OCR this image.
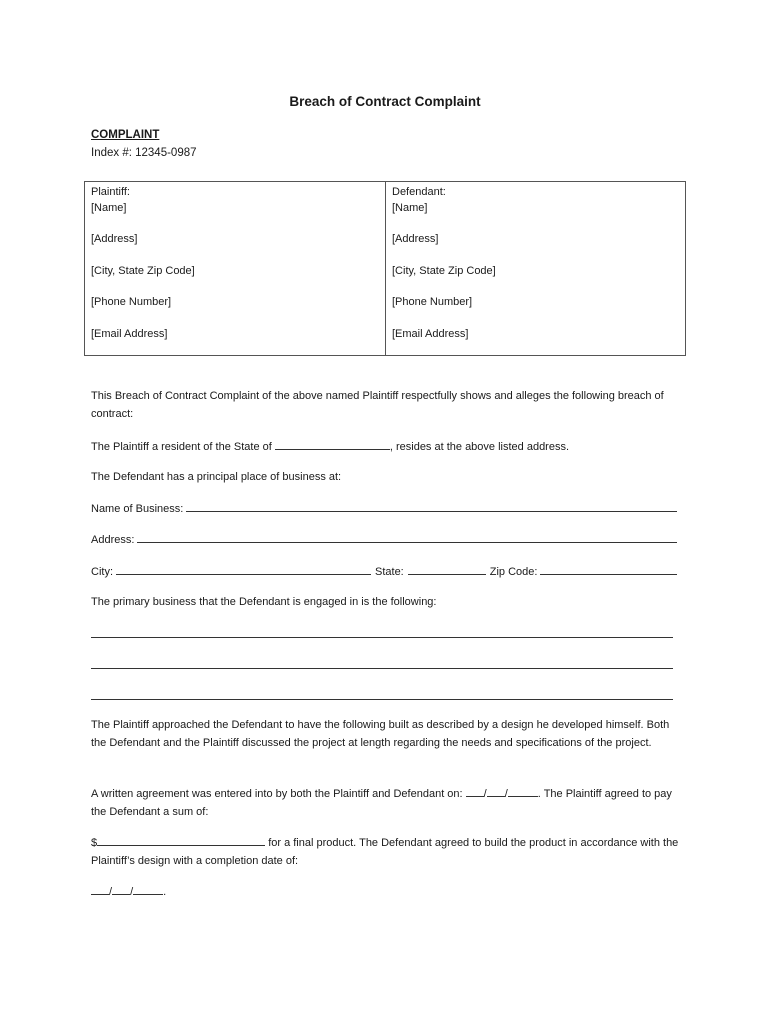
Breach of Contract Complaint
COMPLAINT
Index #: 12345-0987
Plaintiff:
[Name]
[Address]
[City, State Zip Code]
[Phone Number]
[Email Address]
Defendant:
[Name]
[Address]
[City, State Zip Code]
[Phone Number]
[Email Address]
This Breach of Contract Complaint of the above named Plaintiff respectfully shows and alleges the following breach of contract:
The Plaintiff a resident of the State of	, resides at the above listed address.
The Defendant has a principal place of business at:
Name of Business:
Address:
City:	State:	Zip Code:
The primary business that the Defendant is engaged in is the following:
The Plaintiff approached the Defendant to have the following built as described by a design he developed himself. Both the Defendant and the Plaintiff discussed the project at length regarding the needs and specifications of the project.
A written agreement was entered into by both the Plaintiff and Defendant on: / /	. The Plaintiff agreed to pay the Defendant a sum of:
$	for a final product. The Defendant agreed to build the product in accordance with the Plaintiff’s design with a completion date of:
/ /	.
